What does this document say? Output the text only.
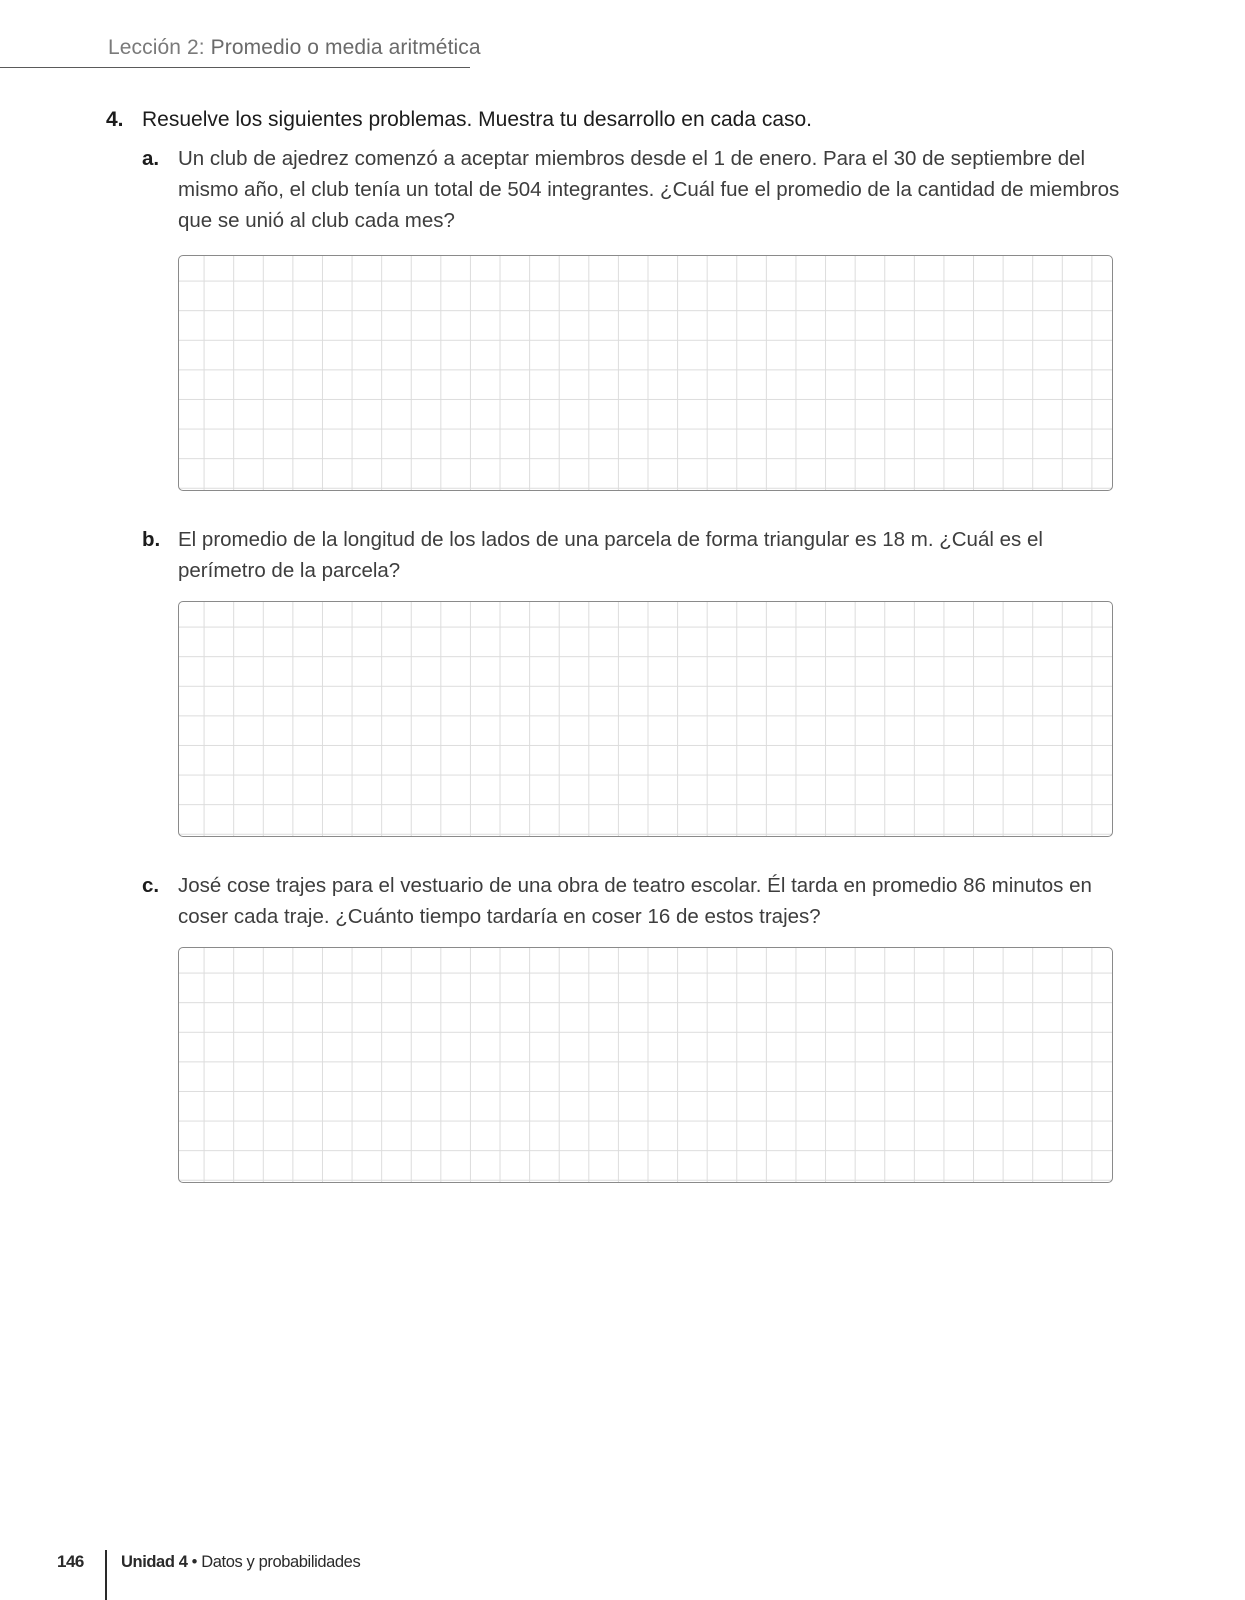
Lección 2: Promedio o media aritmética
4. Resuelve los siguientes problemas. Muestra tu desarrollo en cada caso.
a. Un club de ajedrez comenzó a aceptar miembros desde el 1 de enero. Para el 30 de septiembre del mismo año, el club tenía un total de 504 integrantes. ¿Cuál fue el promedio de la cantidad de miembros que se unió al club cada mes?
b. El promedio de la longitud de los lados de una parcela de forma triangular es 18 m. ¿Cuál es el perímetro de la parcela?
c. José cose trajes para el vestuario de una obra de teatro escolar. Él tarda en promedio 86 minutos en coser cada traje. ¿Cuánto tiempo tardaría en coser 16 de estos trajes?
146 Unidad 4 • Datos y probabilidades
